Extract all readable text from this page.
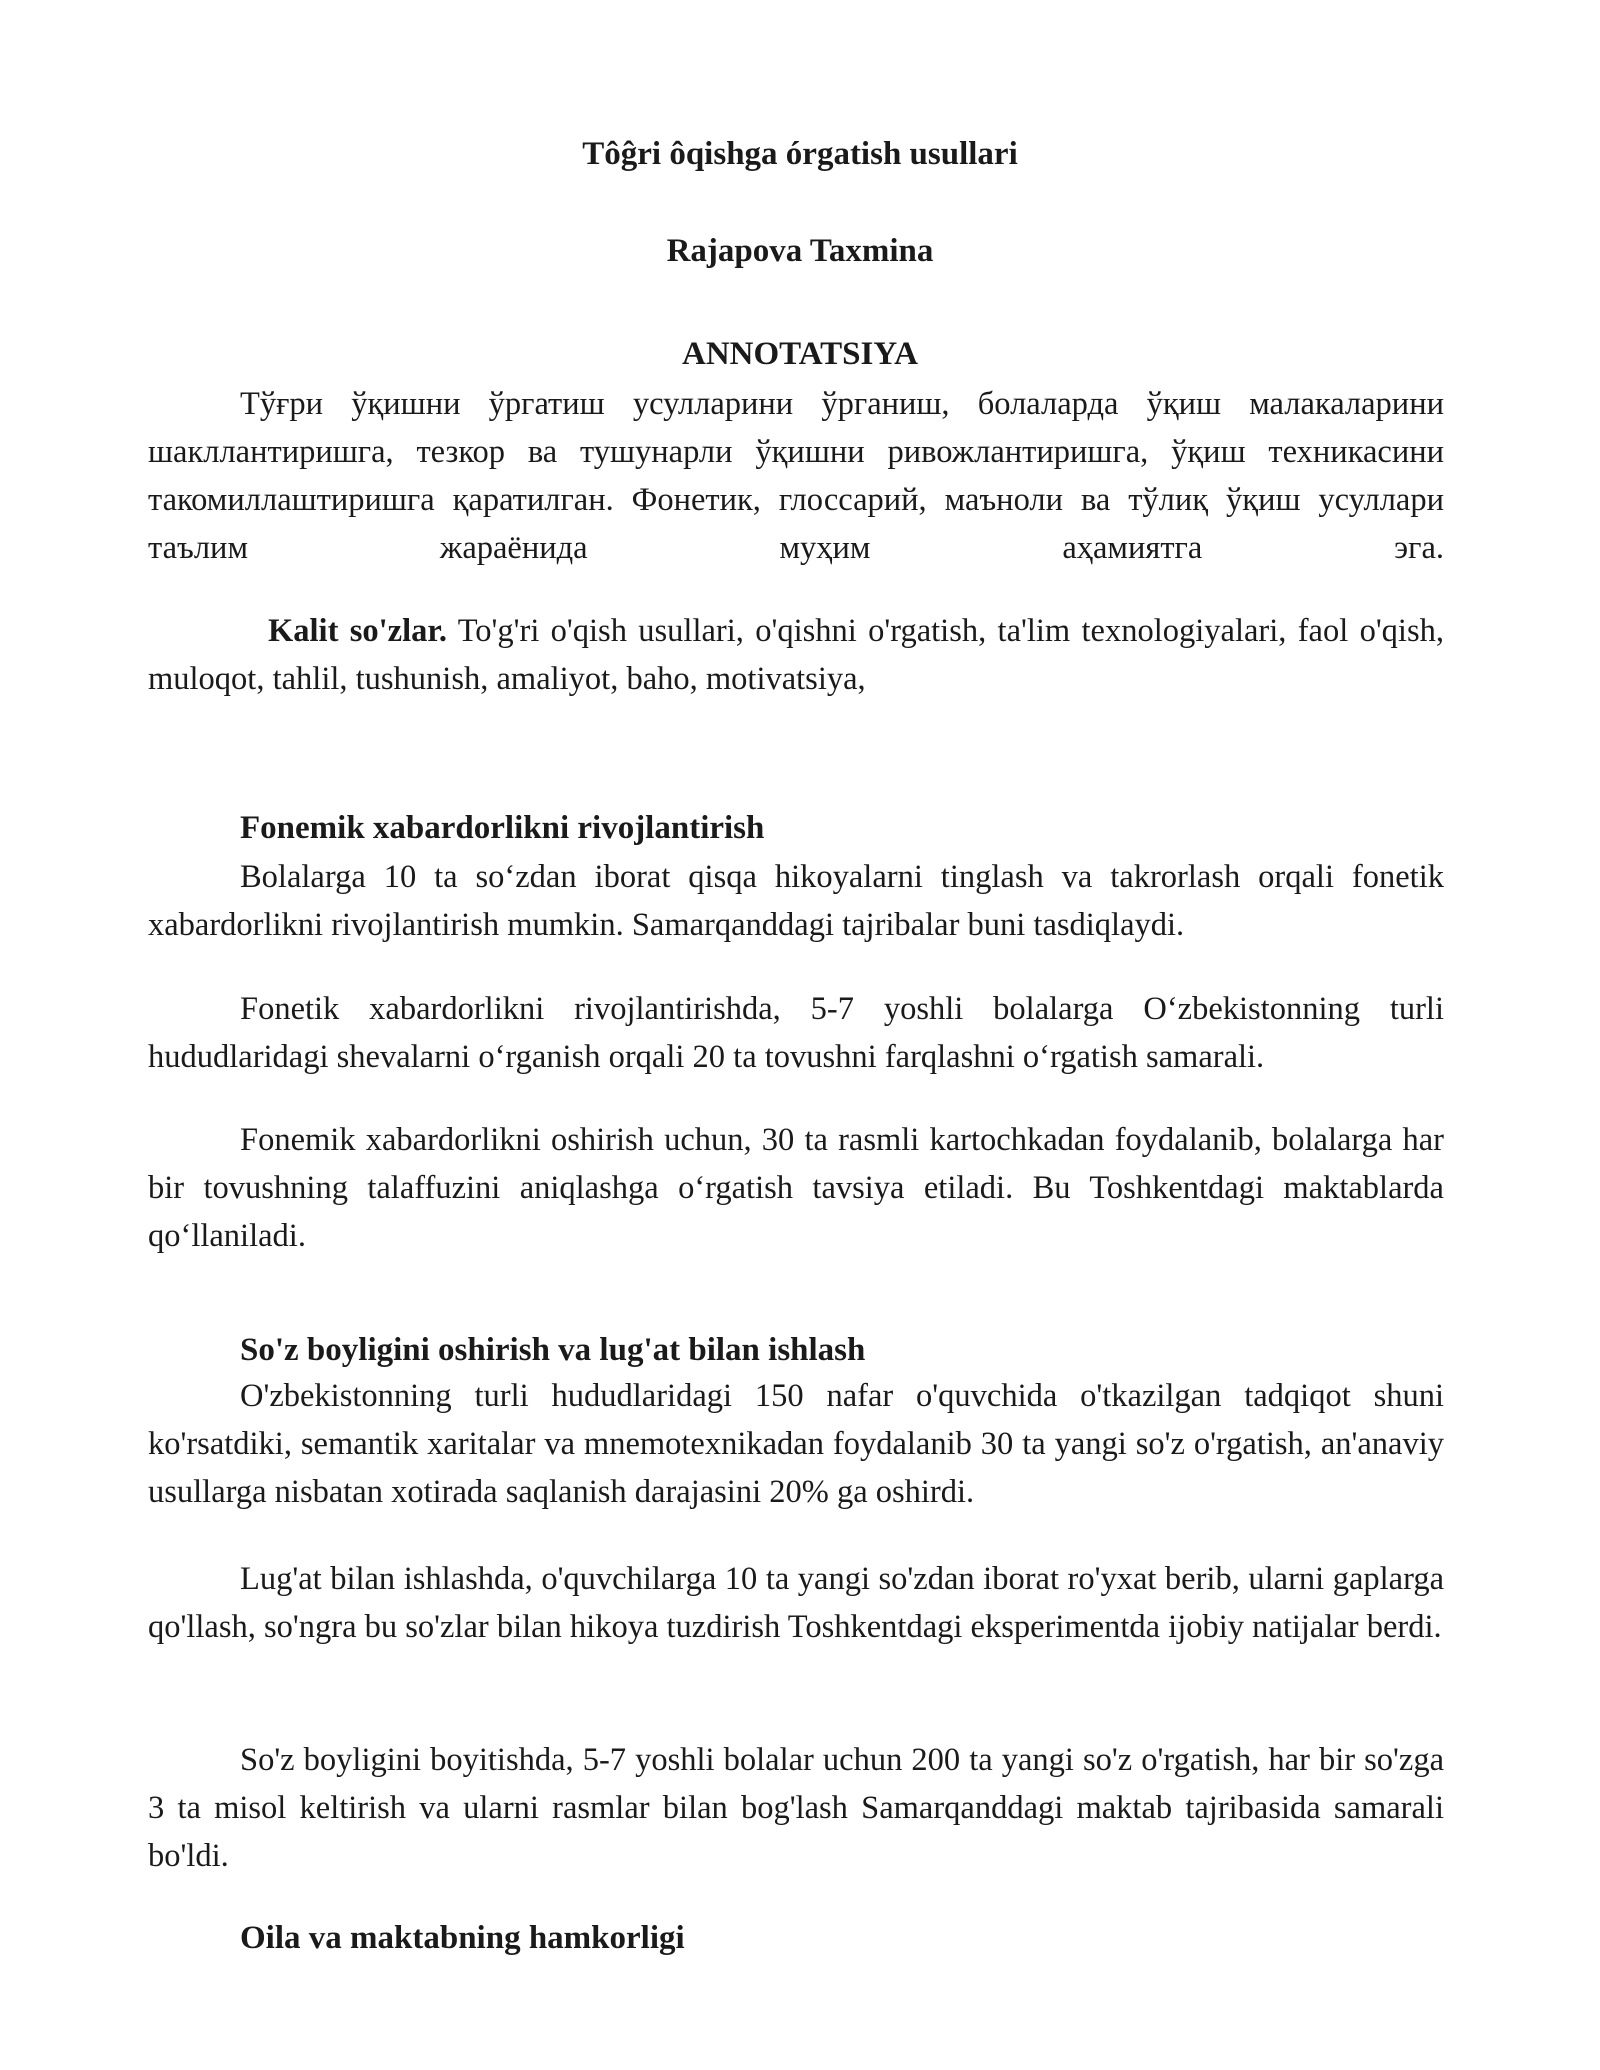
Tôĝri ôqishga órgatish usullari

Rajapova Taxmina

ANNOTATSIYA

Тўғри ўқишни ўргатиш усулларини ўрганиш, болаларда ўқиш малакаларини шакллантиришга, тезкор ва тушунарли ўқишни ривожлантиришга, ўқиш техникасини такомиллаштиришга қаратилган. Фонетик, глоссарий, маъноли ва тўлиқ ўқиш усуллари таълим жараёнида муҳим аҳамиятга эга.

Kalit so'zlar. To'g'ri o'qish usullari, o'qishni o'rgatish, ta'lim texnologiyalari, faol o'qish, muloqot, tahlil, tushunish, amaliyot, baho, motivatsiya,

Fonemik xabardorlikni rivojlantirish

Bolalarga 10 ta so‘zdan iborat qisqa hikoyalarni tinglash va takrorlash orqali fonetik xabardorlikni rivojlantirish mumkin. Samarqanddagi tajribalar buni tasdiqlaydi.

Fonetik xabardorlikni rivojlantirishda, 5-7 yoshli bolalarga O‘zbekistonning turli hududlaridagi shevalarni o‘rganish orqali 20 ta tovushni farqlashni o‘rgatish samarali.

Fonemik xabardorlikni oshirish uchun, 30 ta rasmli kartochkadan foydalanib, bolalarga har bir tovushning talaffuzini aniqlashga o‘rgatish tavsiya etiladi. Bu Toshkentdagi maktablarda qo‘llaniladi.

So'z boyligini oshirish va lug'at bilan ishlash

O'zbekistonning turli hududlaridagi 150 nafar o'quvchida o'tkazilgan tadqiqot shuni ko'rsatdiki, semantik xaritalar va mnemotexnikadan foydalanib 30 ta yangi so'z o'rgatish, an'anaviy usullarga nisbatan xotirada saqlanish darajasini 20% ga oshirdi.

Lug'at bilan ishlashda, o'quvchilarga 10 ta yangi so'zdan iborat ro'yxat berib, ularni gaplarga qo'llash, so'ngra bu so'zlar bilan hikoya tuzdirish Toshkentdagi eksperimentda ijobiy natijalar berdi.

So'z boyligini boyitishda, 5-7 yoshli bolalar uchun 200 ta yangi so'z o'rgatish, har bir so'zga 3 ta misol keltirish va ularni rasmlar bilan bog'lash Samarqanddagi maktab tajribasida samarali bo'ldi.

Oila va maktabning hamkorligi
